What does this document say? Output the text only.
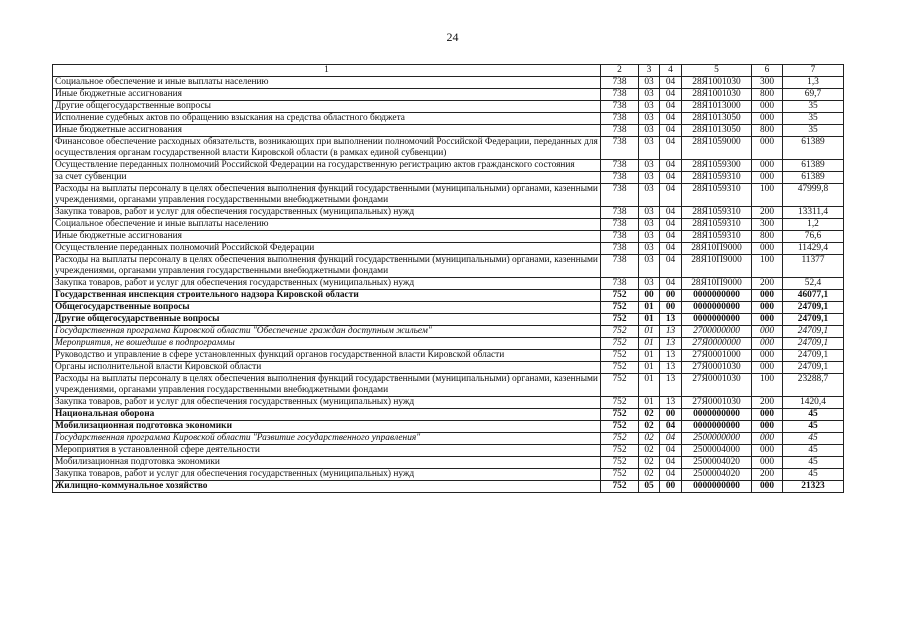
24
1	2	3	4	5	6	7
Социальное обеспечение и иные выплаты населению	738	03	04	28Я1001030	300	1,3
Иные бюджетные ассигнования	738	03	04	28Я1001030	800	69,7
Другие общегосударственные вопросы	738	03	04	28Я1013000	000	35
Исполнение судебных актов по обращению взыскания на средства областного бюджета	738	03	04	28Я1013050	000	35
Иные бюджетные ассигнования	738	03	04	28Я1013050	800	35
Финансовое обеспечение расходных обязательств, возникающих при выполнении полномочий Российской Федерации, переданных для осуществления органам государственной власти Кировской области (в рамках единой субвенции)	738	03	04	28Я1059000	000	61389
Осуществление переданных полномочий Российской Федерации на государственную регистрацию актов гражданского состояния	738	03	04	28Я1059300	000	61389
за счет субвенции	738	03	04	28Я1059310	000	61389
Расходы на выплаты персоналу в целях обеспечения выполнения функций государственными (муниципальными) органами, казенными учреждениями, органами управления государственными внебюджетными фондами	738	03	04	28Я1059310	100	47999,8
Закупка товаров, работ и услуг для обеспечения государственных (муниципальных) нужд	738	03	04	28Я1059310	200	13311,4
Социальное обеспечение и иные выплаты населению	738	03	04	28Я1059310	300	1,2
Иные бюджетные ассигнования	738	03	04	28Я1059310	800	76,6
Осуществление переданных полномочий Российской Федерации	738	03	04	28Я10П9000	000	11429,4
Расходы на выплаты персоналу в целях обеспечения выполнения функций государственными (муниципальными) органами, казенными учреждениями, органами управления государственными внебюджетными фондами	738	03	04	28Я10П9000	100	11377
Закупка товаров, работ и услуг для обеспечения государственных (муниципальных) нужд	738	03	04	28Я10П9000	200	52,4
Государственная инспекция строительного надзора Кировской области	752	00	00	0000000000	000	46077,1
Общегосударственные вопросы	752	01	00	0000000000	000	24709,1
Другие общегосударственные вопросы	752	01	13	0000000000	000	24709,1
Государственная программа Кировской области "Обеспечение граждан доступным жильем"	752	01	13	2700000000	000	24709,1
Мероприятия, не вошедшие в подпрограммы	752	01	13	27Я0000000	000	24709,1
Руководство и управление в сфере установленных функций органов государственной власти Кировской области	752	01	13	27Я0001000	000	24709,1
Органы исполнительной власти Кировской области	752	01	13	27Я0001030	000	24709,1
Расходы на выплаты персоналу в целях обеспечения выполнения функций государственными (муниципальными) органами, казенными учреждениями, органами управления государственными внебюджетными фондами	752	01	13	27Я0001030	100	23288,7
Закупка товаров, работ и услуг для обеспечения государственных (муниципальных) нужд	752	01	13	27Я0001030	200	1420,4
Национальная оборона	752	02	00	0000000000	000	45
Мобилизационная подготовка экономики	752	02	04	0000000000	000	45
Государственная программа Кировской области "Развитие государственного управления"	752	02	04	2500000000	000	45
Мероприятия в установленной сфере деятельности	752	02	04	2500004000	000	45
Мобилизационная подготовка экономики	752	02	04	2500004020	000	45
Закупка товаров, работ и услуг для обеспечения государственных (муниципальных) нужд	752	02	04	2500004020	200	45
Жилищно-коммунальное хозяйство	752	05	00	0000000000	000	21323
